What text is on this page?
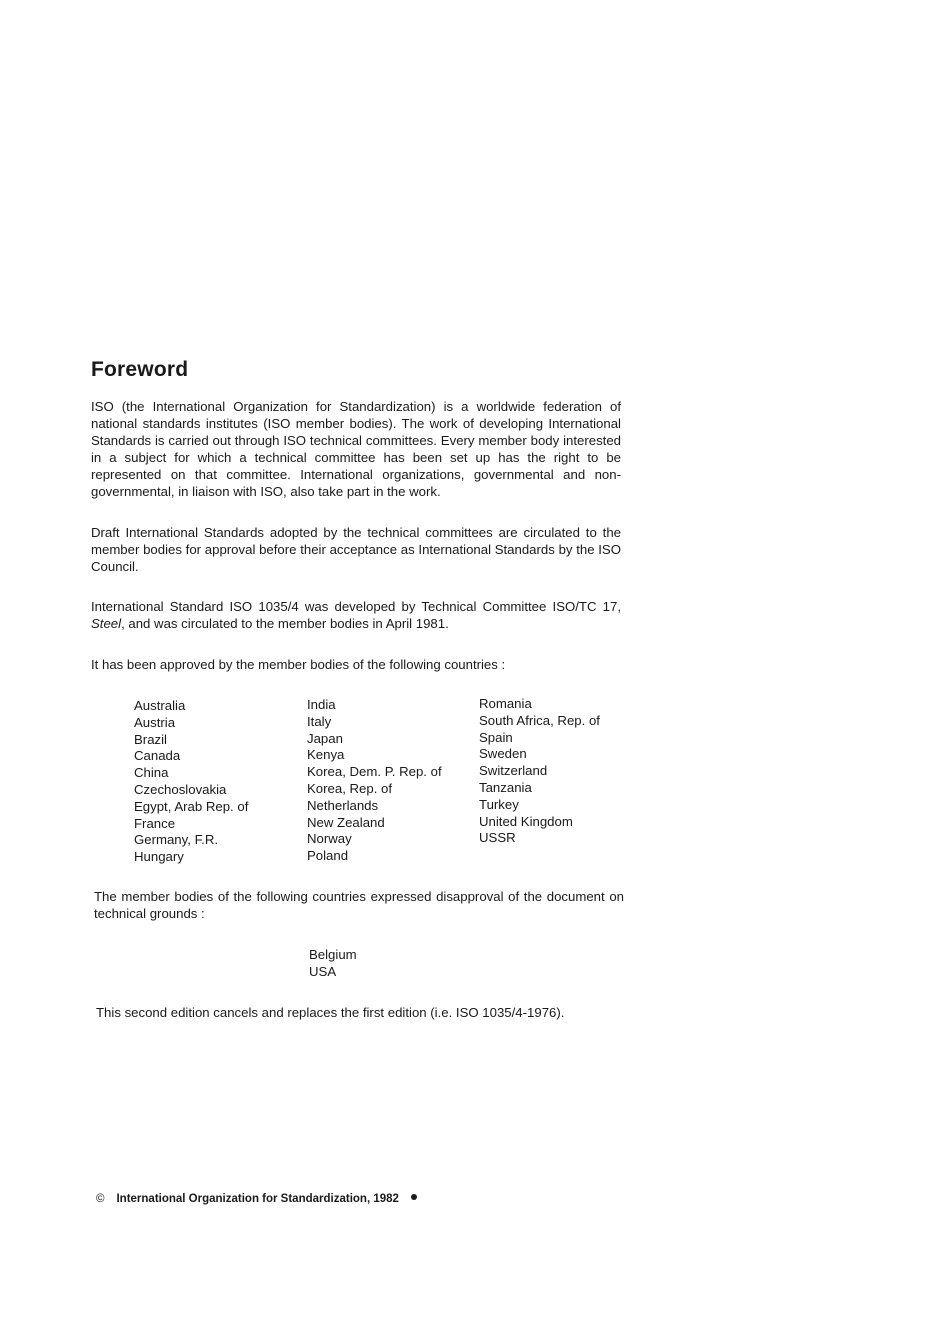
Foreword

ISO (the International Organization for Standardization) is a worldwide federation of national standards institutes (ISO member bodies). The work of developing International Standards is carried out through ISO technical committees. Every member body interested in a subject for which a technical committee has been set up has the right to be represented on that committee. International organizations, governmental and non-governmental, in liaison with ISO, also take part in the work.

Draft International Standards adopted by the technical committees are circulated to the member bodies for approval before their acceptance as International Standards by the ISO Council.

International Standard ISO 1035/4 was developed by Technical Committee ISO/TC 17, Steel, and was circulated to the member bodies in April 1981.

It has been approved by the member bodies of the following countries :

Australia
Austria
Brazil
Canada
China
Czechoslovakia
Egypt, Arab Rep. of
France
Germany, F.R.
Hungary
India
Italy
Japan
Kenya
Korea, Dem. P. Rep. of
Korea, Rep. of
Netherlands
New Zealand
Norway
Poland
Romania
South Africa, Rep. of
Spain
Sweden
Switzerland
Tanzania
Turkey
United Kingdom
USSR

The member bodies of the following countries expressed disapproval of the document on technical grounds :

Belgium
USA

This second edition cancels and replaces the first edition (i.e. ISO 1035/4-1976).

© International Organization for Standardization, 1982
